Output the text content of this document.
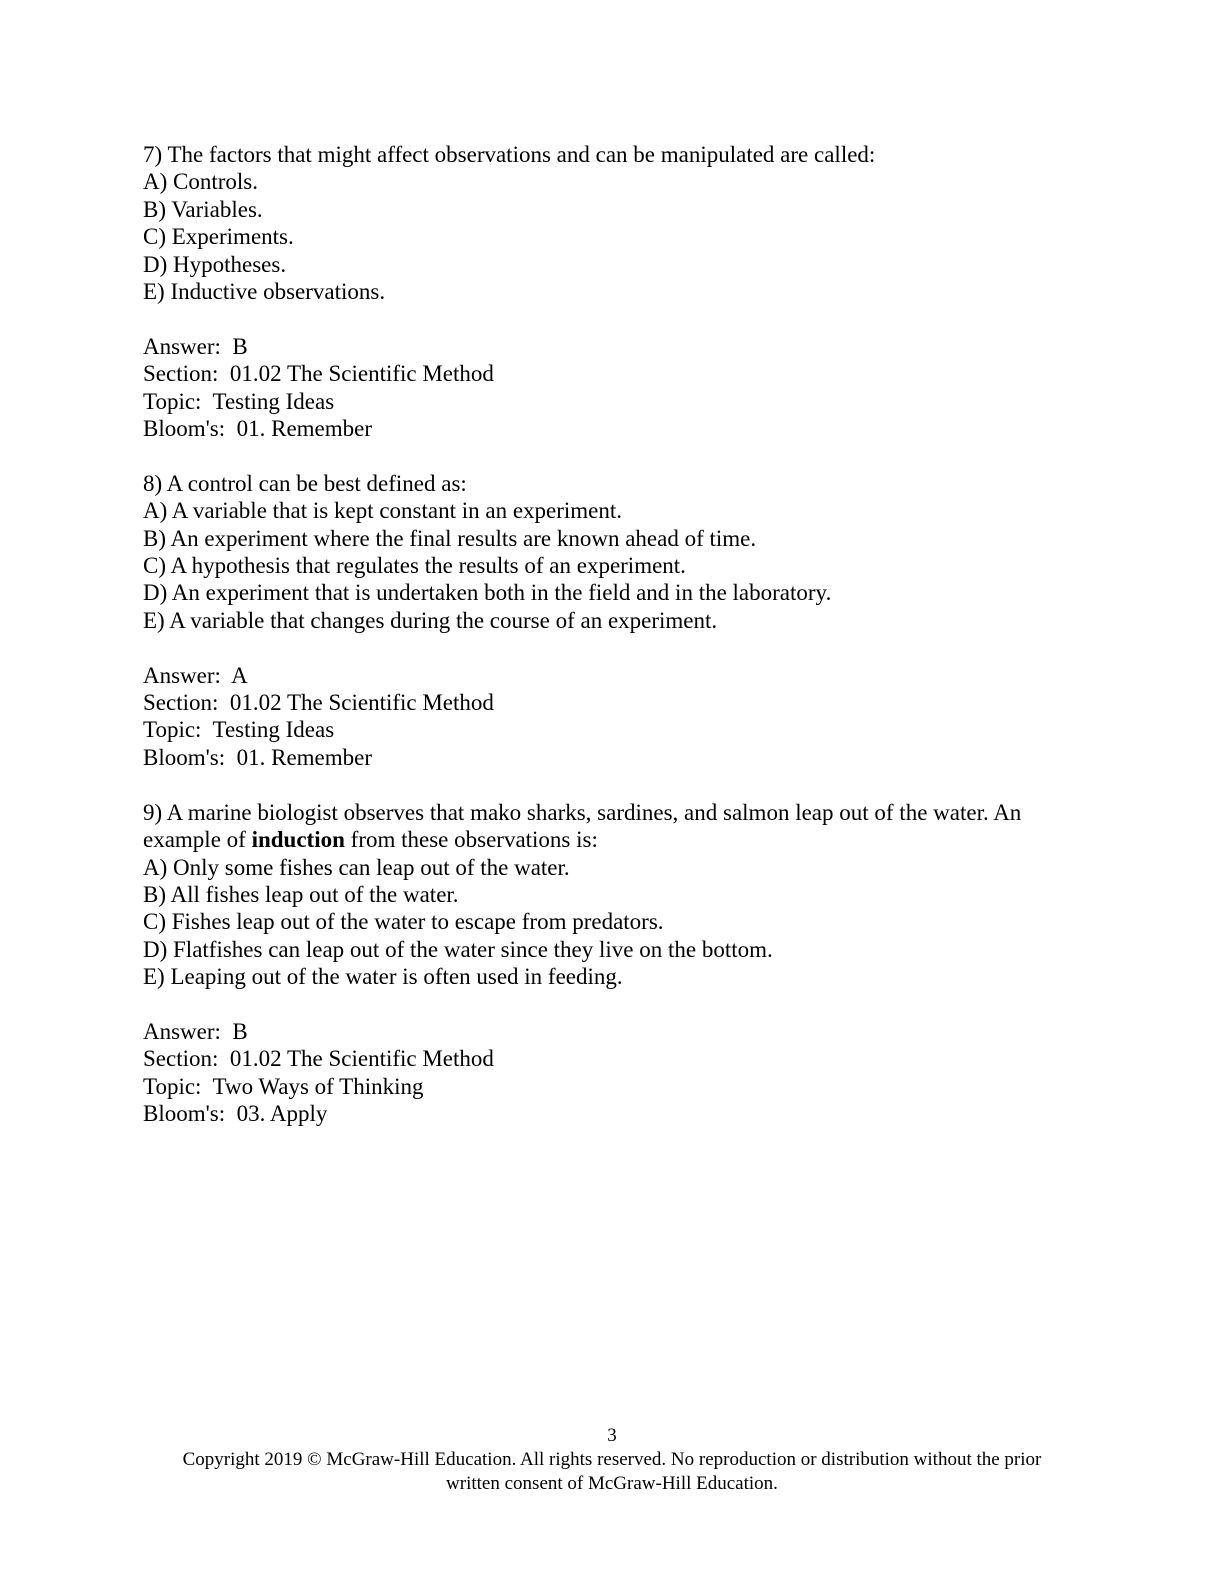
7) The factors that might affect observations and can be manipulated are called:

A) Controls.

B) Variables.

C) Experiments.

D) Hypotheses.

E) Inductive observations.

Answer:  B

Section:  01.02 The Scientific Method

Topic:  Testing Ideas

Bloom's:  01. Remember

8) A control can be best defined as:

A) A variable that is kept constant in an experiment.

B) An experiment where the final results are known ahead of time.

C) A hypothesis that regulates the results of an experiment.

D) An experiment that is undertaken both in the field and in the laboratory.

E) A variable that changes during the course of an experiment.

Answer:  A

Section:  01.02 The Scientific Method

Topic:  Testing Ideas

Bloom's:  01. Remember

9) A marine biologist observes that mako sharks, sardines, and salmon leap out of the water. An

example of induction from these observations is:

A) Only some fishes can leap out of the water.

B) All fishes leap out of the water.

C) Fishes leap out of the water to escape from predators.

D) Flatfishes can leap out of the water since they live on the bottom.

E) Leaping out of the water is often used in feeding.

Answer:  B

Section:  01.02 The Scientific Method

Topic:  Two Ways of Thinking

Bloom's:  03. Apply

3
Copyright 2019 © McGraw-Hill Education. All rights reserved. No reproduction or distribution without the prior
written consent of McGraw-Hill Education.
